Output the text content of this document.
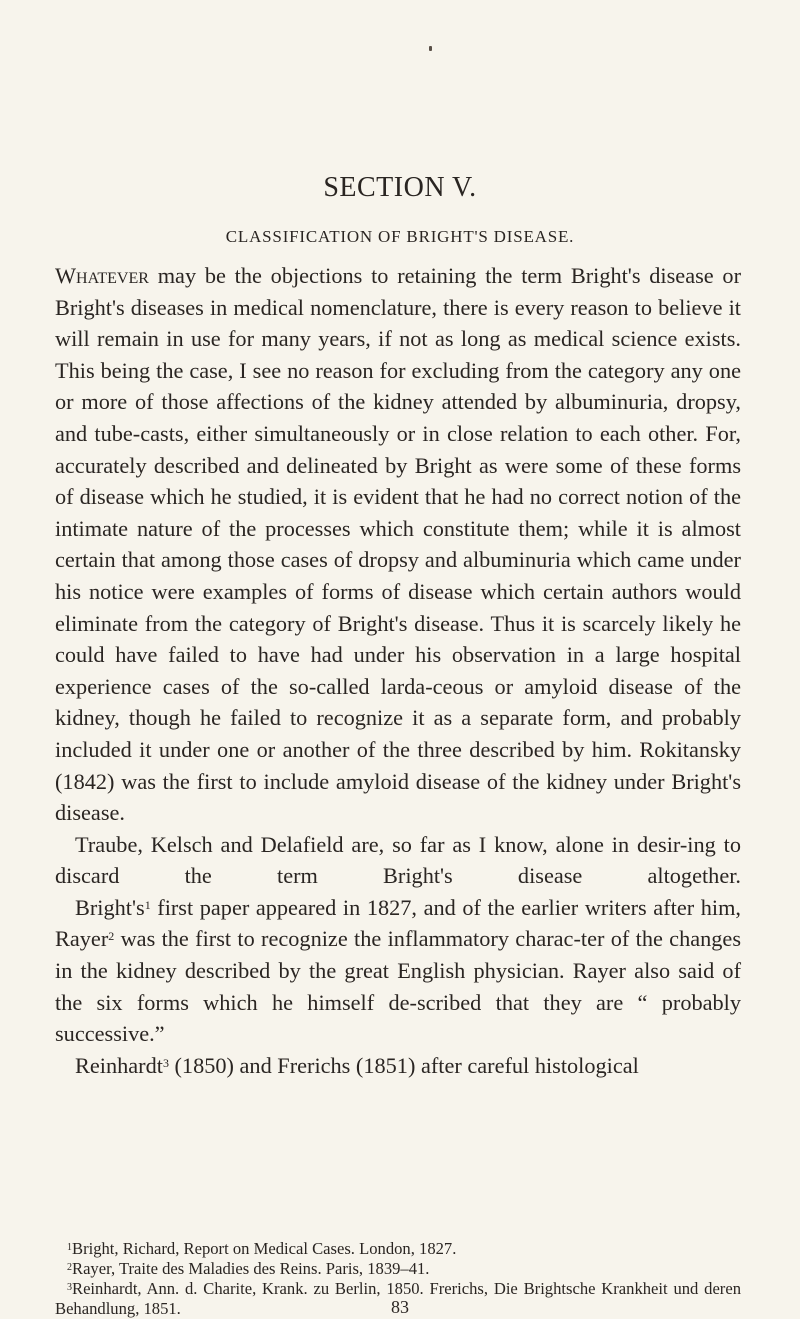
SECTION V.
CLASSIFICATION OF BRIGHT'S DISEASE.

Whatever may be the objections to retaining the term Bright's disease or Bright's diseases in medical nomenclature, there is every reason to believe it will remain in use for many years, if not as long as medical science exists. This being the case, I see no reason for excluding from the category any one or more of those affections of the kidney attended by albuminuria, dropsy, and tube-casts, either simultaneously or in close relation to each other. For, accurately described and delineated by Bright as were some of these forms of disease which he studied, it is evident that he had no correct notion of the intimate nature of the processes which constitute them; while it is almost certain that among those cases of dropsy and albuminuria which came under his notice were examples of forms of disease which certain authors would eliminate from the category of Bright's disease. Thus it is scarcely likely he could have failed to have had under his observation in a large hospital experience cases of the so-called larda-ceous or amyloid disease of the kidney, though he failed to recognize it as a separate form, and probably included it under one or another of the three described by him. Rokitansky (1842) was the first to include amyloid disease of the kidney under Bright's disease.

Traube, Kelsch and Delafield are, so far as I know, alone in desir-ing to discard the term Bright's disease altogether.

$Bright's^1$ first paper appeared in 1827, and of the earlier writers after him, Rayer$^2$ was the first to recognize the inflammatory charac-ter of the changes in the kidney described by the great English physician. Rayer also said of the six forms which he himself de-scribed that they are “ probably successive.”

Reinhardt$^3$ (1850) and Frerichs (1851) after careful histological

$^1$Bright, Richard, Report on Medical Cases. London, 1827.

$^2$Rayer, Traite des Maladies des Reins. Paris, 1839–41.

$^3$Reinhardt, Ann. d. Charite, Krank. zu Berlin, 1850. Frerichs, Die Brightsche Krankheit und deren Behandlung, 1851.	83
